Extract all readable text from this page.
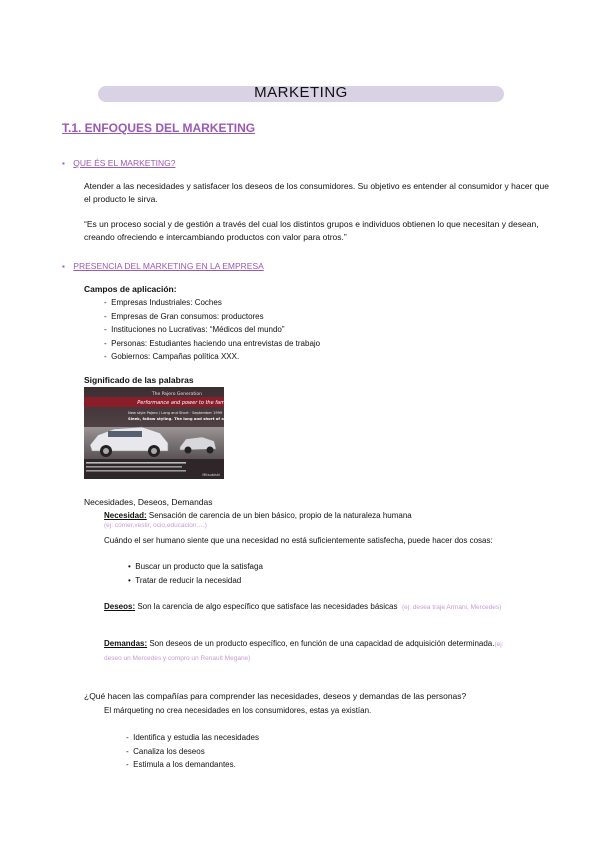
MARKETING
T.1. ENFOQUES DEL MARKETING
▪ QUE ÉS EL MARKETING?
Atender a las necesidades y satisfacer los deseos de los consumidores. Su objetivo es entender al consumidor y hacer que el producto le sirva.
“Es un proceso social y de gestión a través del cual los distintos grupos e individuos obtienen lo que necesitan y desean, creando ofreciendo e intercambiando productos con valor para otros.”
▪ PRESENCIA DEL MARKETING EN LA EMPRESA
Campos de aplicación:
-  Empresas Industriales: Coches
-  Empresas de Gran consumos: productores
-  Instituciones no Lucrativas: “Médicos del mundo”
-  Personas: Estudiantes haciendo una entrevistas de trabajo
-  Gobiernos: Campañas política XXX.
Significado de las palabras
The Pajero Generation
Performance and power to the family
New style Pajero / Long and Short · September 1999
Sleek, fallow styling. The long and short of a new generation
Mitsubishi
Necesidades, Deseos, Demandas
Necesidad: Sensación de carencia de un bien básico, propio de la naturaleza humana
(ej: comer,vestir, ocio,educacion….)
Cuándo el ser humano siente que una necesidad no está suficientemente satisfecha, puede hacer dos cosas:
•  Buscar un producto que la satisfaga
•  Tratar de reducir la necesidad
Deseos: Son la carencia de algo específico que satisface las necesidades básicas (ej: desea traje Armani, Mercedes)
Demandas: Son deseos de un producto específico, en función de una capacidad de adquisición determinada.(ej: deseo un Mercedes y compro un Renault Megane)
¿Qué hacen las compañías para comprender las necesidades, deseos y demandas de las personas?
El márqueting no crea necesidades en los consumidores, estas ya existían.
-  Identifica y estudia las necesidades
-  Canaliza los deseos
-  Estimula a los demandantes.
